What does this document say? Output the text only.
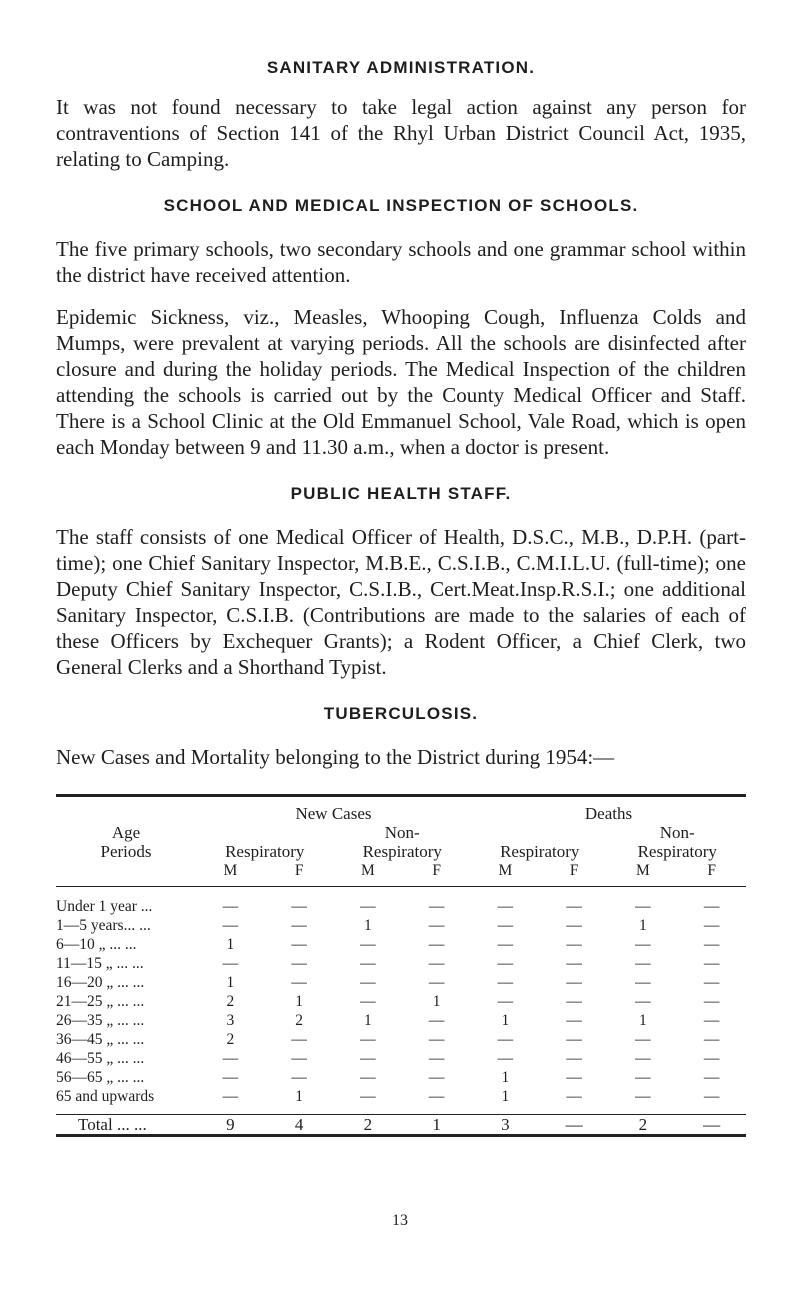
SANITARY ADMINISTRATION.

It was not found necessary to take legal action against any person for contraventions of Section 141 of the Rhyl Urban District Council Act, 1935, relating to Camping.

SCHOOL AND MEDICAL INSPECTION OF SCHOOLS.

The five primary schools, two secondary schools and one grammar school within the district have received attention.

Epidemic Sickness, viz., Measles, Whooping Cough, Influenza Colds and Mumps, were prevalent at varying periods. All the schools are disinfected after closure and during the holiday periods. The Medical Inspection of the children attending the schools is carried out by the County Medical Officer and Staff. There is a School Clinic at the Old Emmanuel School, Vale Road, which is open each Monday between 9 and 11.30 a.m., when a doctor is present.

PUBLIC HEALTH STAFF.

The staff consists of one Medical Officer of Health, D.S.C., M.B., D.P.H. (part-time); one Chief Sanitary Inspector, M.B.E., C.S.I.B., C.M.I.L.U. (full-time); one Deputy Chief Sanitary Inspector, C.S.I.B., Cert.Meat.Insp.R.S.I.; one additional Sanitary Inspector, C.S.I.B. (Contributions are made to the salaries of each of these Officers by Exchequer Grants); a Rodent Officer, a Chief Clerk, two General Clerks and a Shorthand Typist.

TUBERCULOSIS.

New Cases and Mortality belonging to the District during 1954:—

	New Cases				Deaths			
Age			Non-				Non-	
Periods	Respiratory		Respiratory		Respiratory		Respiratory	
	M	F	M	F	M	F	M	F

Under 1 year ...	—	—	—	—	—	—	—	—
1—5 years... ...	—	—	1	—	—	—	1	—
6—10 „ ... ...	1	—	—	—	—	—	—	—
11—15 „ ... ...	—	—	—	—	—	—	—	—
16—20 „ ... ...	1	—	—	—	—	—	—	—
21—25 „ ... ...	2	1	—	1	—	—	—	—
26—35 „ ... ...	3	2	1	—	1	—	1	—
36—45 „ ... ...	2	—	—	—	—	—	—	—
46—55 „ ... ...	—	—	—	—	—	—	—	—
56—65 „ ... ...	—	—	—	—	1	—	—	—
65 and upwards	—	1	—	—	1	—	—	—

Total ... ...	9	4	2	1	3	—	2	—
13
